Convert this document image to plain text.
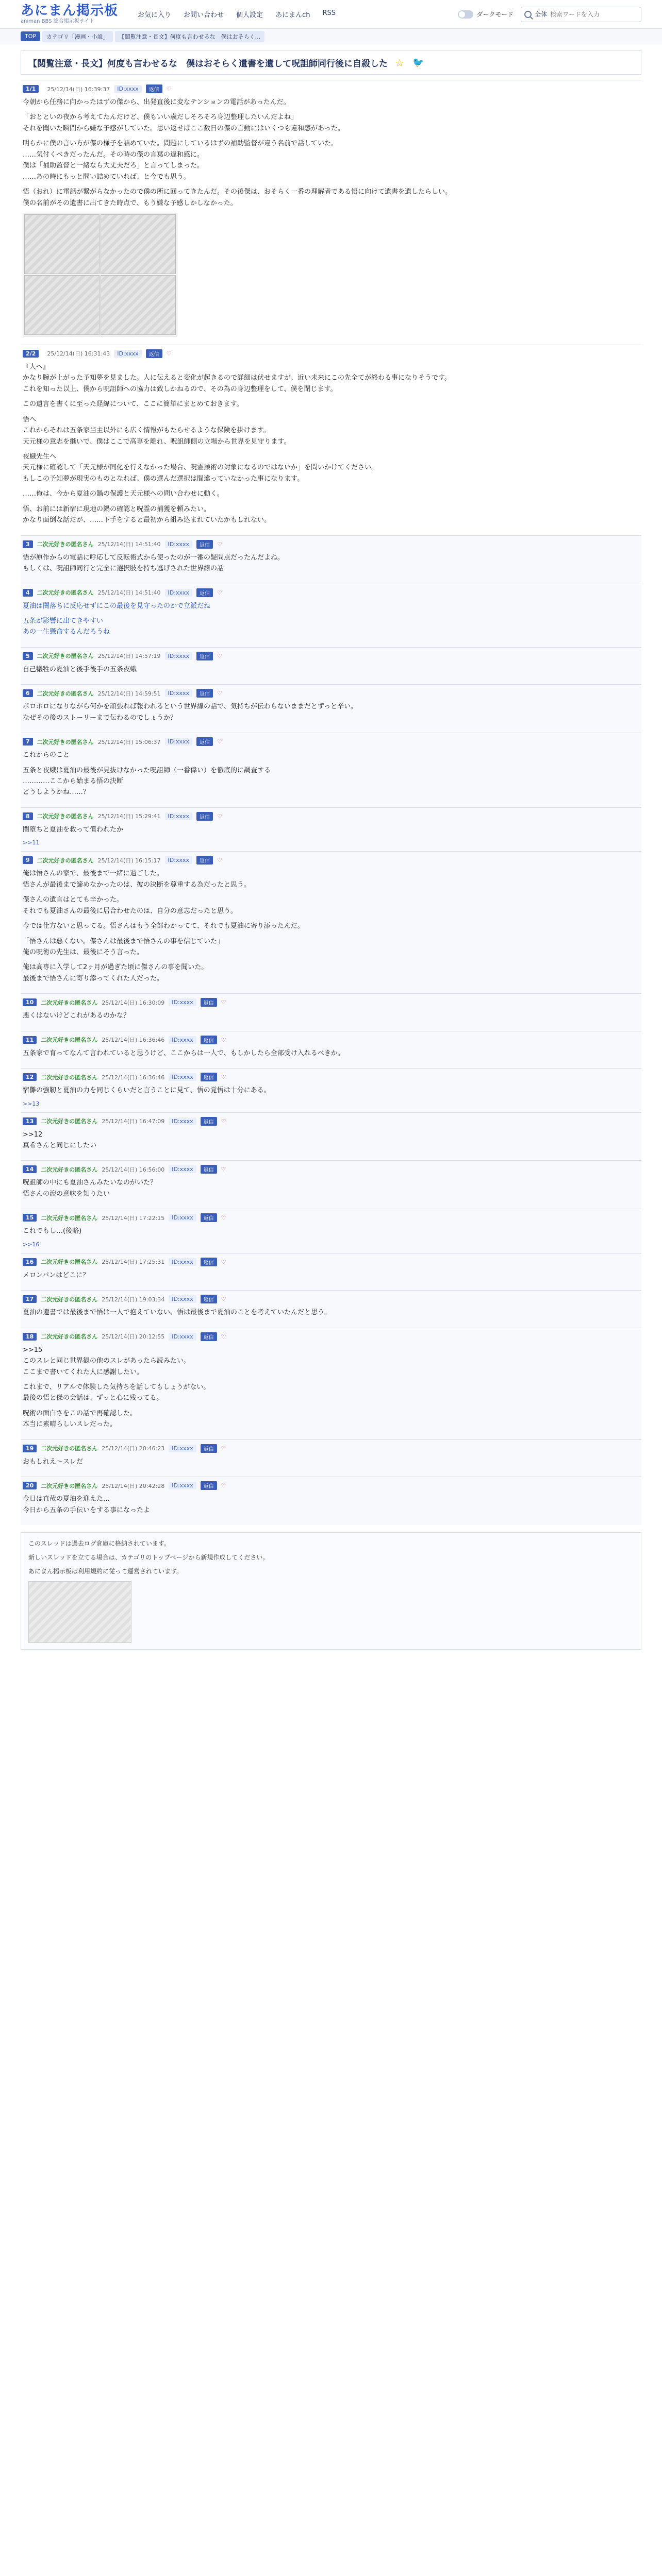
あにまん掲示板
animan BBS 総合掲示板サイト
お気に入り	お問い合わせ	個人設定	あにまんch	RSS	ダークモード	全体
検索ワードを入力
TOP	カテゴリ「漫画・小説」	【閲覧注意・長文】何度も言わせるな　僕はおそらく...
【閲覧注意・長文】何度も言わせるな　僕はおそらく遺書を遺して呪詛師同行後に自殺した ☆ 🐦
1/1	25/12/14(日) 16:39:37	ID:xxxx	返信	♡

今朝から任務に向かったはずの傑から、出発直後に変なテンションの電話があったんだ。

「おとといの夜から考えてたんだけど、僕もいい歳だしそろそろ身辺整理したいんだよね」
それを聞いた瞬間から嫌な予感がしていた。思い返せばここ数日の傑の言動にはいくつも違和感があった。

明らかに僕の言い方が傑の様子を詰めていた。問題にしているはずの補助監督が違う名前で話していた。
……気付くべきだったんだ。その時の傑の言葉の違和感に。
僕は「補助監督と一緒なら大丈夫だろ」と言ってしまった。
……あの時にもっと問い詰めていれば、と今でも思う。

悟（おれ）に電話が繋がらなかったので僕の所に回ってきたんだ。その後傑は、おそらく一番の理解者である悟に向けて遺書を遺したらしい。
僕の名前がその遺書に出てきた時点で、もう嫌な予感しかしなかった。

2/2	25/12/14(日) 16:31:43	ID:xxxx	返信	♡

『人へ』
かなり腕が上がった予知夢を見ました。人に伝えると変化が起きるので詳細は伏せますが、近い未来にこの先全てが終わる事になりそうです。
これを知った以上、僕から呪詛師への協力は致しかねるので、その為の身辺整理をして、僕を閉じます。

この遺言を書くに至った経緯について、ここに簡単にまとめておきます。

悟へ
これからそれは五条家当主以外にも広く情報がもたらせるような保険を掛けます。
天元様の意志を継いで、僕はここで高専を離れ、呪詛師側の立場から世界を見守ります。

夜蛾先生へ
天元様に確認して「天元様が同化を行えなかった場合、呪霊操術の対象になるのではないか」を問いかけてください。
もしこの予知夢が現実のものとなれば、僕の選んだ選択は間違っていなかった事になります。

……俺は、今から夏油の鍋の保護と天元様への問い合わせに動く。

悟、お前には新宿に現地の鍋の確認と呪霊の捕獲を頼みたい。
かなり面倒な話だが、……下手をすると最初から組み込まれていたかもしれない。

3	二次元好きの匿名さん 25/12/14(日) 14:51:40	ID:xxxx	返信	♡

悟が原作からの電話に呼応して反転術式から使ったのが一番の疑問点だったんだよね。
もしくは、呪詛師同行と完全に選択肢を持ち逃げされた世界線の話

4	二次元好きの匿名さん 25/12/14(日) 14:51:40	ID:xxxx	返信	♡

夏油は闇落ちに反応せずにこの最後を見守ったのかで立派だね

五条が影響に出てきやすい
あの一生懸命するんだろうね

5	二次元好きの匿名さん 25/12/14(日) 14:57:19	ID:xxxx	返信	♡

自己犠牲の夏油と後手後手の五条夜蛾

6	二次元好きの匿名さん 25/12/14(日) 14:59:51	ID:xxxx	返信	♡

ポロポロになりながら何かを頑張れば報われるという世界線の話で、気持ちが伝わらないままだとずっと辛い。
なぜその後のストーリーまで伝わるのでしょうか？

7	二次元好きの匿名さん 25/12/14(日) 15:06:37	ID:xxxx	返信	♡

これからのこと

五条と夜蛾は夏油の最後が見抜けなかった呪詛師（一番偉い）を徹底的に調査する
…………ここから始まる悟の決断
どうしようかね……？

8	二次元好きの匿名さん 25/12/14(日) 15:29:41	ID:xxxx	返信	♡

闇堕ちと夏油を救って償われたか

>>11
9	二次元好きの匿名さん 25/12/14(日) 16:15:17	ID:xxxx	返信	♡

俺は悟さんの家で、最後まで一緒に過ごした。
悟さんが最後まで諦めなかったのは、彼の決断を尊重する為だったと思う。

傑さんの遺言はとても辛かった。
それでも夏油さんの最後に居合わせたのは、自分の意志だったと思う。

今では仕方ないと思ってる。悟さんはもう全部わかってて、それでも夏油に寄り添ったんだ。

「悟さんは悪くない。傑さんは最後まで悟さんの事を信じていた」
俺の呪術の先生は、最後にそう言った。

俺は高専に入学して2ヶ月が過ぎた頃に傑さんの事を聞いた。
最後まで悟さんに寄り添ってくれた人だった。

10	二次元好きの匿名さん 25/12/14(日) 16:30:09	ID:xxxx	返信	♡

悪くはないけどこれがあるのかな？

11	二次元好きの匿名さん 25/12/14(日) 16:36:46	ID:xxxx	返信	♡

五条家で育ってなんて言われていると思うけど、ここからは一人で、もしかしたら全部受け入れるべきか。

12	二次元好きの匿名さん 25/12/14(日) 16:36:46	ID:xxxx	返信	♡

宿儺の強靭と夏油の力を同じくらいだと言うことに見て、悟の覚悟は十分にある。

>>13
13	二次元好きの匿名さん 25/12/14(日) 16:47:09	ID:xxxx	返信	♡

>>12
真希さんと同じにしたい

14	二次元好きの匿名さん 25/12/14(日) 16:56:00	ID:xxxx	返信	♡

呪詛師の中にも夏油さんみたいなのがいた？
悟さんの涙の意味を知りたい

15	二次元好きの匿名さん 25/12/14(日) 17:22:15	ID:xxxx	返信	♡

これでもし…(後略)

>>16
16	二次元好きの匿名さん 25/12/14(日) 17:25:31	ID:xxxx	返信	♡

メロンパンはどこに？

17	二次元好きの匿名さん 25/12/14(日) 19:03:34	ID:xxxx	返信	♡

夏油の遺書では最後まで悟は一人で抱えていない、悟は最後まで夏油のことを考えていたんだと思う。

18	二次元好きの匿名さん 25/12/14(日) 20:12:55	ID:xxxx	返信	♡

>>15
このスレと同じ世界観の他のスレがあったら読みたい。
ここまで書いてくれた人に感謝したい。

これまで、リアルで体験した気持ちを話してもしょうがない。
最後の悟と傑の会話は、ずっと心に残ってる。

呪術の面白さをこの話で再確認した。
本当に素晴らしいスレだった。

19	二次元好きの匿名さん 25/12/14(日) 20:46:23	ID:xxxx	返信	♡

おもしれえ～スレだ

20	二次元好きの匿名さん 25/12/14(日) 20:42:28	ID:xxxx	返信	♡

今日は直哉の夏油を迎えた…
今日から五条の手伝いをする事になったよ

このスレッドは過去ログ倉庫に格納されています。

新しいスレッドを立てる場合は、カテゴリのトップページから新規作成してください。

あにまん掲示板は利用規約に従って運営されています。
